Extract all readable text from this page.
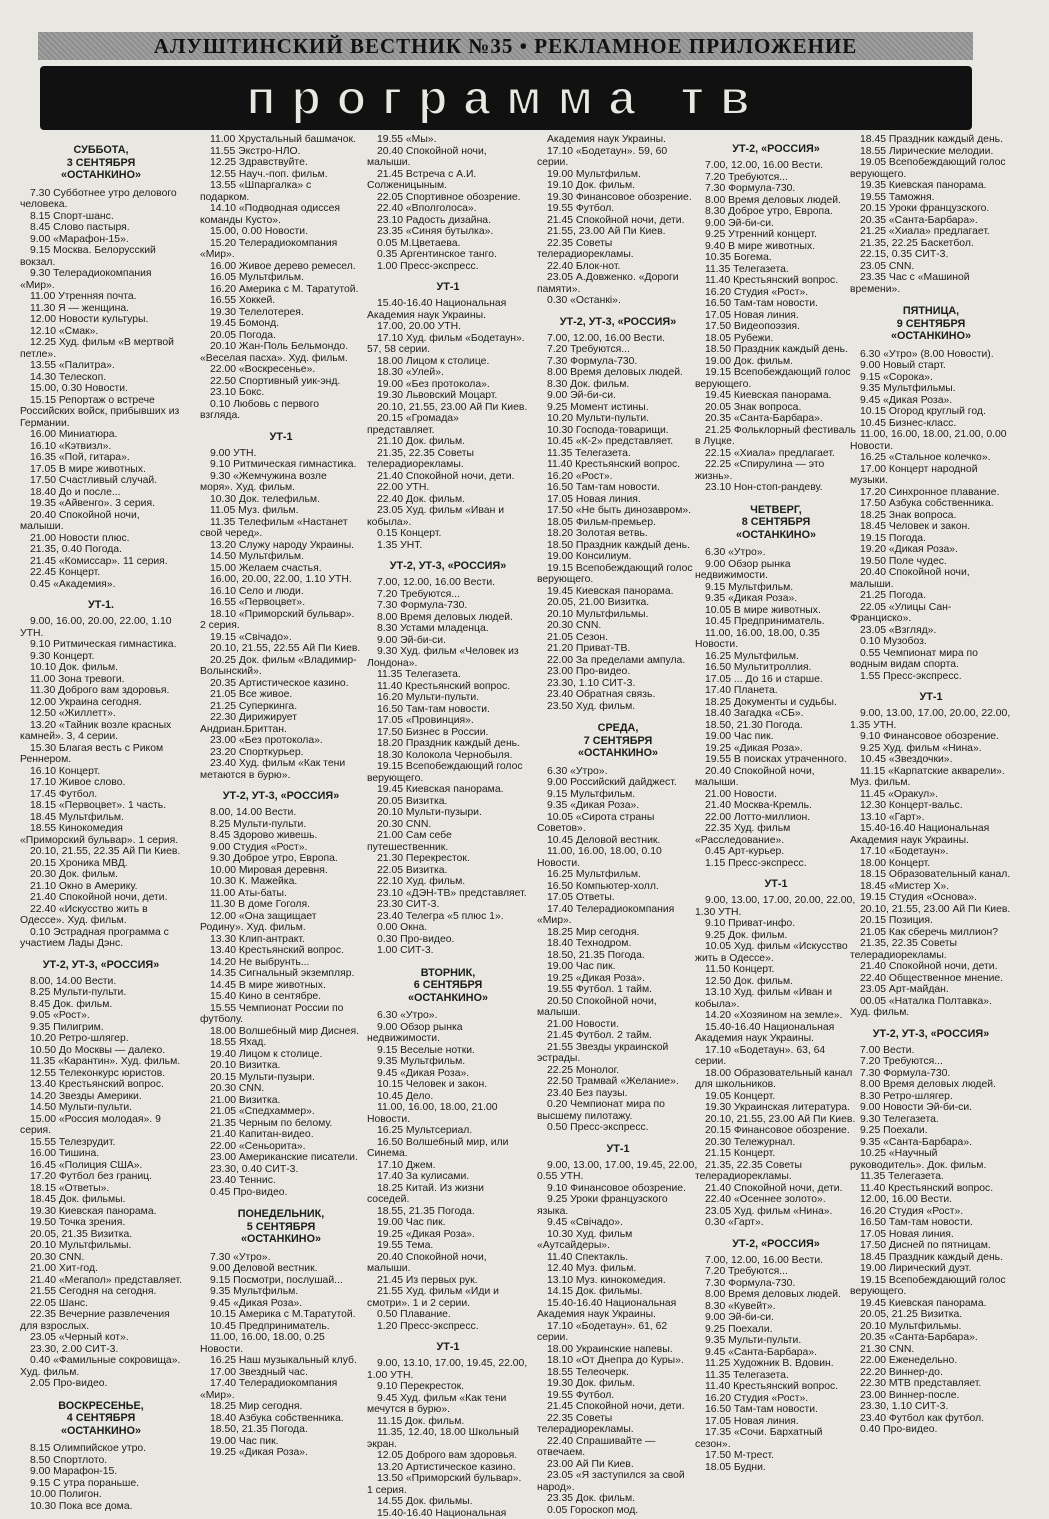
АЛУШТИНСКИЙ ВЕСТНИК №35 • РЕКЛАМНОЕ ПРИЛОЖЕНИЕ
программа тв
СУББОТА,
3 СЕНТЯБРЯ
«ОСТАНКИНО»

7.30 Субботнее утро делового человека.

8.15 Спорт-шанс.

8.45 Слово пастыря.

9.00 «Марафон-15».

9.15 Москва. Белорусский вокзал.

9.30 Телерадиокомпания «Мир».

11.00 Утренняя почта.

11.30 Я — женщина.

12.00 Новости культуры.

12.10 «Смак».

12.25 Худ. фильм «В мертвой петле».

13.55 «Палитра».

14.30 Телескоп.

15.00, 0.30 Новости.

15.15 Репортаж о встрече Российских войск, прибывших из Германии.

16.00 Миниатюра.

16.10 «Кэтвизл».

16.35 «Пой, гитара».

17.05 В мире животных.

17.50 Счастливый случай.

18.40 До и после...

19.35 «Айвенго». 3 серия.

20.40 Спокойной ночи, малыши.

21.00 Новости плюс.

21.35, 0.40 Погода.

21.45 «Комиссар». 11 серия.

22.45 Концерт.

0.45 «Академия».

УТ-1.

9.00, 16.00, 20.00, 22.00, 1.10 УТН.

9.10 Ритмическая гимнастика.

9.30 Концерт.

10.10 Док. фильм.

11.00 Зона тревоги.

11.30 Доброго вам здоровья.

12.00 Украина сегодня.

12.50 «Жиллетт».

13.20 «Тайник возле красных камней». 3, 4 серии.

15.30 Благая весть с Риком Реннером.

16.10 Концерт.

17.10 Живое слово.

17.45 Футбол.

18.15 «Первоцвет». 1 часть.

18.45 Мультфильм.

18.55 Кинокомедия «Приморский бульвар». 1 серия.

20.10, 21.55, 22.35 Ай Пи Киев.

20.15 Хроника МВД.

20.30 Док. фильм.

21.10 Окно в Америку.

21.40 Спокойной ночи, дети.

22.40 «Искусство жить в Одессе». Худ. фильм.

0.10 Эстрадная программа с участием Лады Дэнс.

УТ-2, УТ-3, «РОССИЯ»

8.00, 14.00 Вести.

8.25 Мульти-пульти.

8.45 Док. фильм.

9.05 «Рост».

9.35 Пилигрим.

10.20 Ретро-шлягер.

10.50 До Москвы — далеко.

11.35 «Карантин». Худ. фильм.

12.55 Телеконкурс юристов.

13.40 Крестьянский вопрос.

14.20 Звезды Америки.

14.50 Мульти-пульти.

15.00 «Россия молодая». 9 серия.

15.55 Телезрудит.

16.00 Тишина.

16.45 «Полиция США».

17.20 Футбол без границ.

18.15 «Ответы».

18.45 Док. фильмы.

19.30 Киевская панорама.

19.50 Точка зрения.

20.05, 21.35 Визитка.

20.10 Мультфильмы.

20.30 CNN.

21.00 Хит-год.

21.40 «Мегапол» представляет.

21.55 Сегодня на сегодня.

22.05 Шанс.

22.35 Вечерние развлечения для взрослых.

23.05 «Черный кот».

23.30, 2.00 СИТ-3.

0.40 «Фамильные сокровища». Худ. фильм.

2.05 Про-видео.

ВОСКРЕСЕНЬЕ,
4 СЕНТЯБРЯ
«ОСТАНКИНО»

8.15 Олимпийское утро.

8.50 Спортлото.

9.00 Марафон-15.

9.15 С утра пораньше.

10.00 Полигон.

10.30 Пока все дома.

11.00 Хрустальный башмачок.

11.55 Экстро-НЛО.

12.25 Здравствуйте.

12.55 Науч.-поп. фильм.

13.55 «Шпаргалка» с подарком.

14.10 «Подводная одиссея команды Кусто».

15.00, 0.00 Новости.

15.20 Телерадиокомпания «Мир».

16.00 Живое дерево ремесел.

16.05 Мультфильм.

16.20 Америка с М. Таратутой.

16.55 Хоккей.

19.30 Телелотерея.

19.45 Бомонд.

20.05 Погода.

20.10 Жан-Поль Бельмондо. «Веселая пасха». Худ. фильм.

22.00 «Воскресенье».

22.50 Спортивный уик-энд.

23.10 Бокс.

0.10 Любовь с первого взгляда.

УТ-1

9.00 УТН.

9.10 Ритмическая гимнастика.

9.30 «Жемчужина возле моря». Худ. фильм.

10.30 Док. телефильм.

11.05 Муз. фильм.

11.35 Телефильм «Настанет свой черед».

13.20 Служу народу Украины.

14.50 Мультфильм.

15.00 Желаем счастья.

16.00, 20.00, 22.00, 1.10 УТН.

16.10 Село и люди.

16.55 «Первоцвет».

18.10 «Приморский бульвар». 2 серия.

19.15 «Свічадо».

20.10, 21.55, 22.55 Ай Пи Киев.

20.25 Док. фильм «Владимир-Волынский».

20.35 Артистическое казино.

21.05 Все живое.

21.25 Суперкинга.

22.30 Дирижирует Андриан.Бриттан.

23.00 «Без протокола».

23.20 Спортку​рьер.

23.40 Худ. фильм «Как тени метаются в бурю».

УТ-2, УТ-3, «РОССИЯ»

8.00, 14.00 Вести.

8.25 Мульти-пульти.

8.45 Здорово живешь.

9.00 Студия «Рост».

9.30 Доброе утро, Европа.

10.00 Мировая деревня.

10.30 К. Мажейка.

11.00 Аты-баты.

11.30 В доме Гоголя.

12.00 «Она защищает Родину». Худ. фильм.

13.30 Клип-антракт.

13.40 Крестьянский вопрос.

14.20 Не выбрунть...

14.35 Сигнальный экземпляр.

14.45 В мире животных.

15.40 Кино в сентябре.

15.55 Чемпионат России по футболу.

18.00 Волшебный мир Диснея.

18.55 Яхад.

19.40 Лицом к столице.

20.10 Визитка.

20.15 Мульти-пузыри.

20.30 CNN.

21.00 Визитка.

21.05 «Спедхаммер».

21.35 Черным по белому.

21.40 Капитан-видео.

22.00 «Сеньорита».

23.00 Американские писатели.

23.30, 0.40 СИТ-3.

23.40 Теннис.

0.45 Про-видео.

ПОНЕДЕЛЬНИК,
5 СЕНТЯБРЯ
«ОСТАНКИНО»

7.30 «Утро».

9.00 Деловой вестник.

9.15 Посмотри, послушай...

9.35 Мультфильм.

9.45 «Дикая Роза».

10.15 Америка с М.Таратутой.

10.45 Предприниматель.

11.00, 16.00, 18.00, 0.25 Новости.

16.25 Наш музыкальный клуб.

17.00 Звездный час.

17.40 Телерадиокомпания «Мир».

18.25 Мир сегодня.

18.40 Азбука собственника.

18.50, 21.35 Погода.

19.00 Час пик.

19.25 «Дикая Роза».

19.55 «Мы».

20.40 Спокойной ночи, малыши.

21.45 Встреча с А.И. Солженицыным.

22.05 Спортивное обозрение.

22.40 «Вполголоса».

23.10 Радость дизайна.

23.35 «Синяя бутылка».

0.05 М.Цветаева.

0.35 Аргентинское танго.

1.00 Пресс-экспресс.

УТ-1

15.40-16.40 Национальная Академия наук Украины.

17.00, 20.00 УТН.

17.10 Худ. фильм «Бодетаун». 57, 58 серии.

18.00 Лицом к столице.

18.30 «Улей».

19.00 «Без протокола».

19.30 Львовский Моцарт.

20.10, 21.55, 23.00 Ай Пи Киев.

20.15 «Громада» представляет.

21.10 Док. фильм.

21.35, 22.35 Советы телерадиорекламы.

21.40 Спокойной ночи, дети.

22.00 УТН.

22.40 Док. фильм.

23.05 Худ. фильм «Иван и кобыла».

0.15 Концерт.

1.35 УНТ.

УТ-2, УТ-3, «РОССИЯ»

7.00, 12.00, 16.00 Вести.

7.20 Требуются...

7.30 Формула-730.

8.00 Время деловых людей.

8.30 Устами младенца.

9.00 Эй-би-си.

9.30 Худ. фильм «Человек из Лондона».

11.35 Телегазета.

11.40 Крестьянский вопрос.

16.20 Мульти-пульти.

16.50 Там-там новости.

17.05 «Провинция».

17.50 Бизнес в России.

18.20 Праздник каждый день.

18.30 Колокола Чернобыля.

19.15 Всепобеждающий голос верующего.

19.45 Киевская панорама.

20.05 Визитка.

20.10 Мульти-пузыри.

20.30 CNN.

21.00 Сам себе путешественник.

21.30 Перекресток.

22.05 Визитка.

22.10 Худ. фильм.

23.10 «ДЭН-ТВ» представляет.

23.30 СИТ-3.

23.40 Телегра «5 плюс 1».

0.00 Окна.

0.30 Про-видео.

1.00 СИТ-3.

ВТОРНИК,
6 СЕНТЯБРЯ
«ОСТАНКИНО»

6.30 «Утро».

9.00 Обзор рынка недвижимости.

9.15 Веселые нотки.

9.35 Мультфильм.

9.45 «Дикая Роза».

10.15 Человек и закон.

10.45 Дело.

11.00, 16.00, 18.00, 21.00 Новости.

16.25 Мультсериал.

16.50 Волшебный мир, или Синема.

17.10 Джем.

17.40 За кулисами.

18.25 Китай. Из жизни соседей.

18.55, 21.35 Погода.

19.00 Час пик.

19.25 «Дикая Роза».

19.55 Тема.

20.40 Спокойной ночи, малыши.

21.45 Из первых рук.

21.55 Худ. фильм «Иди и смотри». 1 и 2 серии.

0.50 Плавание.

1.20 Пресс-экспресс.

УТ-1

9.00, 13.10, 17.00, 19.45, 22.00, 1.00 УТН.

9.10 Перекресток.

9.45 Худ. фильм «Как тени мечутся в бурю».

11.15 Док. фильм.

11.35, 12.40, 18.00 Школьный экран.

12.05 Доброго вам здоровья.

13.20 Артистическое казино.

13.50 «Приморский бульвар». 1 серия.

14.55 Док. фильмы.

15.40-16.40 Национальная

Академия наук Украины.

17.10 «Бодетаун». 59, 60 серии.

19.00 Мультфильм.

19.10 Док. фильм.

19.30 Финансовое обозрение.

19.55 Футбол.

21.45 Спокойной ночи, дети.

21.55, 23.00 Ай Пи Киев.

22.35 Советы телерадиорекламы.

22.40 Блок-нот.

23.05 А.Довженко. «Дороги памяти».

0.30 «Останкі».

УТ-2, УТ-3, «РОССИЯ»

7.00, 12.00, 16.00 Вести.

7.20 Требуются...

7.30 Формула-730.

8.00 Время деловых людей.

8.30 Док. фильм.

9.00 Эй-би-си.

9.25 Момент истины.

10.20 Мульти-пульти.

10.30 Господа-товарищи.

10.45 «К-2» представляет.

11.35 Телегазета.

11.40 Крестьянский вопрос.

16.20 «Рост».

16.50 Там-там новости.

17.05 Новая линия.

17.50 «Не быть динозавром».

18.05 Фильм-премьер.

18.20 Золотая ветвь.

18.50 Праздник каждый день.

19.00 Консилиум.

19.15 Всепобеждающий голос верующего.

19.45 Киевская панорама.

20.05, 21.00 Визитка.

20.10 Мультфильмы.

20.30 CNN.

21.05 Сезон.

21.20 Приват-ТВ.

22.00 За пределами ампула.

23.00 Про-видео.

23.30, 1.10 СИТ-3.

23.40 Обратная связь.

23.50 Худ. фильм.

СРЕДА,
7 СЕНТЯБРЯ
«ОСТАНКИНО»

6.30 «Утро».

9.00 Российский дайджест.

9.15 Мультфильм.

9.35 «Дикая Роза».

10.05 «Сирота страны Советов».

10.45 Деловой вестник.

11.00, 16.00, 18.00, 0.10 Новости.

16.25 Мультфильм.

16.50 Компьютер-холл.

17.05 Ответы.

17.40 Телерадиокомпания «Мир».

18.25 Мир сегодня.

18.40 Технодром.

18.50, 21.35 Погода.

19.00 Час пик.

19.25 «Дикая Роза».

19.55 Футбол. 1 тайм.

20.50 Спокойной ночи, малыши.

21.00 Новости.

21.45 Футбол. 2 тайм.

21.55 Звезды украинской эстрады.

22.25 Монолог.

22.50 Трамвай «Желание».

23.40 Без паузы.

0.20 Чемпионат мира по высшему пилотажу.

0.50 Пресс-экспресс.

УТ-1

9.00, 13.00, 17.00, 19.45, 22.00, 0.55 УТН.

9.10 Финансовое обозрение.

9.25 Уроки французского языка.

9.45 «Свічадо».

10.30 Худ. фильм «Аутсайдеры».

11.40 Спектакль.

12.40 Муз. фильм.

13.10 Муз. кинокомедия.

14.15 Док. фильмы.

15.40-16.40 Национальная Академия наук Украины.

17.10 «Бодетаун». 61, 62 серии.

18.00 Украинские напевы.

18.10 «От Днепра до Куры».

18.55 Телеочерк.

19.30 Док. фильм.

19.55 Футбол.

21.45 Спокойной ночи, дети.

22.35 Советы телерадиорекламы.

22.40 Спрашивайте — отвечаем.

23.00 Ай Пи Киев.

23.05 «Я заступился за свой народ».

23.35 Док. фильм.

0.05 Гороскоп мод.

УТ-2, «РОССИЯ»

7.00, 12.00, 16.00 Вести.

7.20 Требуются...

7.30 Формула-730.

8.00 Время деловых людей.

8.30 Доброе утро, Европа.

9.00 Эй-би-си.

9.25 Утренний концерт.

9.40 В мире животных.

10.35 Богема.

11.35 Телегазета.

11.40 Крестьянский вопрос.

16.20 Студия «Рост».

16.50 Там-там новости.

17.05 Новая линия.

17.50 Видеопоэзия.

18.05 Рубежи.

18.50 Праздник каждый день.

19.00 Док. фильм.

19.15 Всепобеждающий голос верующего.

19.45 Киевская панорама.

20.05 Знак вопроса.

20.35 «Санта-Барбара».

21.25 Фольклорный фестиваль в Луцке.

22.15 «Хиала» предлагает.

22.25 «Спирулина — это жизнь».

23.10 Нон-стоп-рандеву.

ЧЕТВЕРГ,
8 СЕНТЯБРЯ
«ОСТАНКИНО»

6.30 «Утро».

9.00 Обзор рынка недвижимости.

9.15 Мультфильм.

9.35 «Дикая Роза».

10.05 В мире животных.

10.45 Предприниматель.

11.00, 16.00, 18.00, 0.35 Новости.

16.25 Мультфильм.

16.50 Мультитроллия.

17.05 ... До 16 и старше.

17.40 Планета.

18.25 Документы и судьбы.

18.40 Загадка «СБ».

18.50, 21.30 Погода.

19.00 Час пик.

19.25 «Дикая Роза».

19.55 В поисках утраченного.

20.40 Спокойной ночи, малыши.

21.00 Новости.

21.40 Москва-Кремль.

22.00 Лотто-миллион.

22.35 Худ. фильм «Расследование».

0.45 Арт-курьер.

1.15 Пресс-экспресс.

УТ-1

9.00, 13.00, 17.00, 20.00, 22.00, 1.30 УТН.

9.10 Приват-инфо.

9.25 Док. фильм.

10.05 Худ. фильм «Искусство жить в Одессе».

11.50 Концерт.

12.50 Док. фильм.

13.10 Худ. фильм «Иван и кобыла».

14.20 «Хозяином на земле».

15.40-16.40 Национальная Академия наук Украины.

17.10 «Бодетаун». 63, 64 серии.

18.00 Образовательный канал для школьников.

19.05 Концерт.

19.30 Украинская литература.

20.10, 21.55, 23.00 Ай Пи Киев.

20.15 Финансовое обозрение.

20.30 Тележурнал.

21.15 Концерт.

21.35, 22.35 Советы телерадиорекламы.

21.40 Спокойной ночи, дети.

22.40 «Осеннее золото».

23.05 Худ. фильм «Нина».

0.30 «Гарт».

УТ-2, «РОССИЯ»

7.00, 12.00, 16.00 Вести.

7.20 Требуются...

7.30 Формула-730.

8.00 Время деловых людей.

8.30 «Кувейт».

9.00 Эй-би-си.

9.25 Поехали.

9.35 Мульти-пульти.

9.45 «Санта-Барбара».

11.25 Художник В. Вдовин.

11.35 Телегазета.

11.40 Крестьянский вопрос.

16.20 Студия «Рост».

16.50 Там-там новости.

17.05 Новая линия.

17.35 «Сочи. Бархатный сезон».

17.50 М-трест.

18.05 Будни.

18.45 Праздник каждый день.

18.55 Лирические мелодии.

19.05 Всепобеждающий голос верующего.

19.35 Киевская панорама.

19.55 Таможня.

20.15 Уроки французского.

20.35 «Санта-Барбара».

21.25 «Хиала» предлагает.

21.35, 22.25 Баскетбол.

22.15, 0.35 СИТ-3.

23.05 CNN.

23.35 Час с «Машиной времени».

ПЯТНИЦА,
9 СЕНТЯБРЯ
«ОСТАНКИНО»

6.30 «Утро» (8.00 Новости).

9.00 Новый старт.

9.15 «Сорока».

9.35 Мультфильмы.

9.45 «Дикая Роза».

10.15 Огород круглый год.

10.45 Бизнес-класс.

11.00, 16.00, 18.00, 21.00, 0.00 Новости.

16.25 «Стальное колечко».

17.00 Концерт народной музыки.

17.20 Синхронное плавание.

17.50 Азбука собственника.

18.25 Знак вопроса.

18.45 Человек и закон.

19.15 Погода.

19.20 «Дикая Роза».

19.50 Поле чудес.

20.40 Спокойной ночи, малыши.

21.25 Погода.

22.05 «Улицы Сан-Франциско».

23.05 «Взгляд».

0.10 Музобоз.

0.55 Чемпионат мира по водным видам спорта.

1.55 Пресс-экспресс.

УТ-1

9.00, 13.00, 17.00, 20.00, 22.00, 1.35 УТН.

9.10 Финансовое обозрение.

9.25 Худ. фильм «Нина».

10.45 «Звездочки».

11.15 «Карпатские акварели». Муз. фильм.

11.45 «Оракул».

12.30 Концерт-вальс.

13.10 «Гарт».

15.40-16.40 Национальная Академия наук Украины.

17.10 «Бодетаун».

18.00 Концерт.

18.15 Образовательный канал.

18.45 «Мистер Х».

19.15 Студия «Основа».

20.10, 21.55, 23.00 Ай Пи Киев.

20.15 Позиция.

21.05 Как сберечь миллион?

21.35, 22.35 Советы телерадиорекламы.

21.40 Спокойной ночи, дети.

22.40 Общественное мнение.

23.05 Арт-майдан.

00.05 «Наталка Полтавка». Худ. фильм.

УТ-2, УТ-3, «РОССИЯ»

7.00 Вести.

7.20 Требуются...

7.30 Формула-730.

8.00 Время деловых людей.

8.30 Ретро-шлягер.

9.00 Новости Эй-би-си.

9.30 Телегазета.

9.25 Поехали.

9.35 «Санта-Барбара».

10.25 «Научный руководитель». Док. фильм.

11.35 Телегазета.

11.40 Крестьянский вопрос.

12.00, 16.00 Вести.

16.20 Студия «Рост».

16.50 Там-там новости.

17.05 Новая линия.

17.50 Дисней по пятницам.

18.45 Праздник каждый день.

19.00 Лирический дуэт.

19.15 Всепобеждающий голос верующего.

19.45 Киевская панорама.

20.05, 21.25 Визитка.

20.10 Мультфильмы.

20.35 «Санта-Барбара».

21.30 CNN.

22.00 Еженедельно.

22.20 Виннер-до.

22.30 МТВ представляет.

23.00 Виннер-после.

23.30, 1.10 СИТ-3.

23.40 Футбол как футбол.

0.40 Про-видео.
